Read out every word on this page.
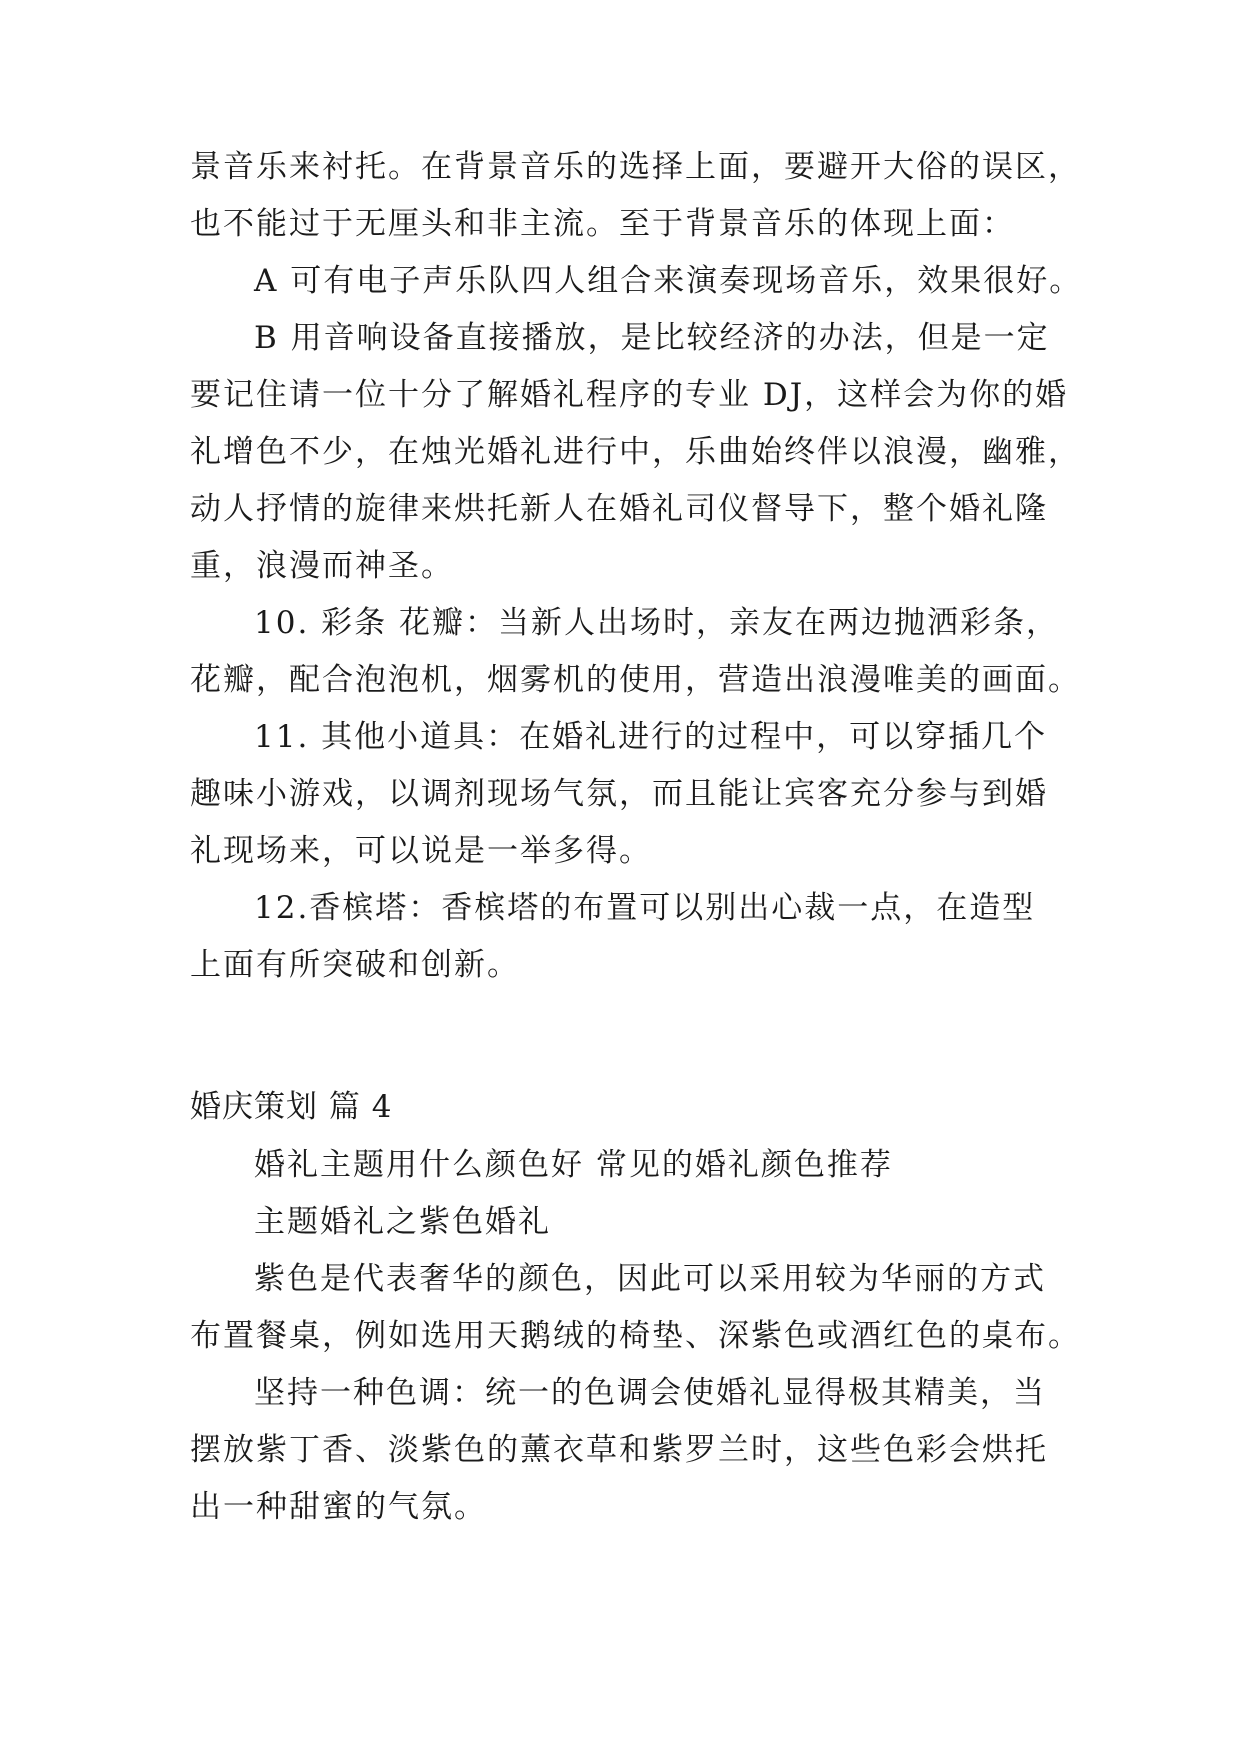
景音乐来衬托。在背景音乐的选择上面，要避开大俗的误区，
也不能过于无厘头和非主流。至于背景音乐的体现上面：
A 可有电子声乐队四人组合来演奏现场音乐，效果很好。
B 用音响设备直接播放，是比较经济的办法，但是一定
要记住请一位十分了解婚礼程序的专业 DJ，这样会为你的婚
礼增色不少，在烛光婚礼进行中，乐曲始终伴以浪漫，幽雅，
动人抒情的旋律来烘托新人在婚礼司仪督导下，整个婚礼隆
重，浪漫而神圣。
10. 彩条 花瓣：当新人出场时，亲友在两边抛洒彩条，
花瓣，配合泡泡机，烟雾机的使用，营造出浪漫唯美的画面。
11. 其他小道具：在婚礼进行的过程中，可以穿插几个
趣味小游戏，以调剂现场气氛，而且能让宾客充分参与到婚
礼现场来，可以说是一举多得。
12.香槟塔：香槟塔的布置可以别出心裁一点，在造型
上面有所突破和创新。
婚庆策划 篇 4
婚礼主题用什么颜色好 常见的婚礼颜色推荐
主题婚礼之紫色婚礼
紫色是代表奢华的颜色，因此可以采用较为华丽的方式
布置餐桌，例如选用天鹅绒的椅垫、深紫色或酒红色的桌布。
坚持一种色调：统一的色调会使婚礼显得极其精美，当
摆放紫丁香、淡紫色的薰衣草和紫罗兰时，这些色彩会烘托
出一种甜蜜的气氛。
